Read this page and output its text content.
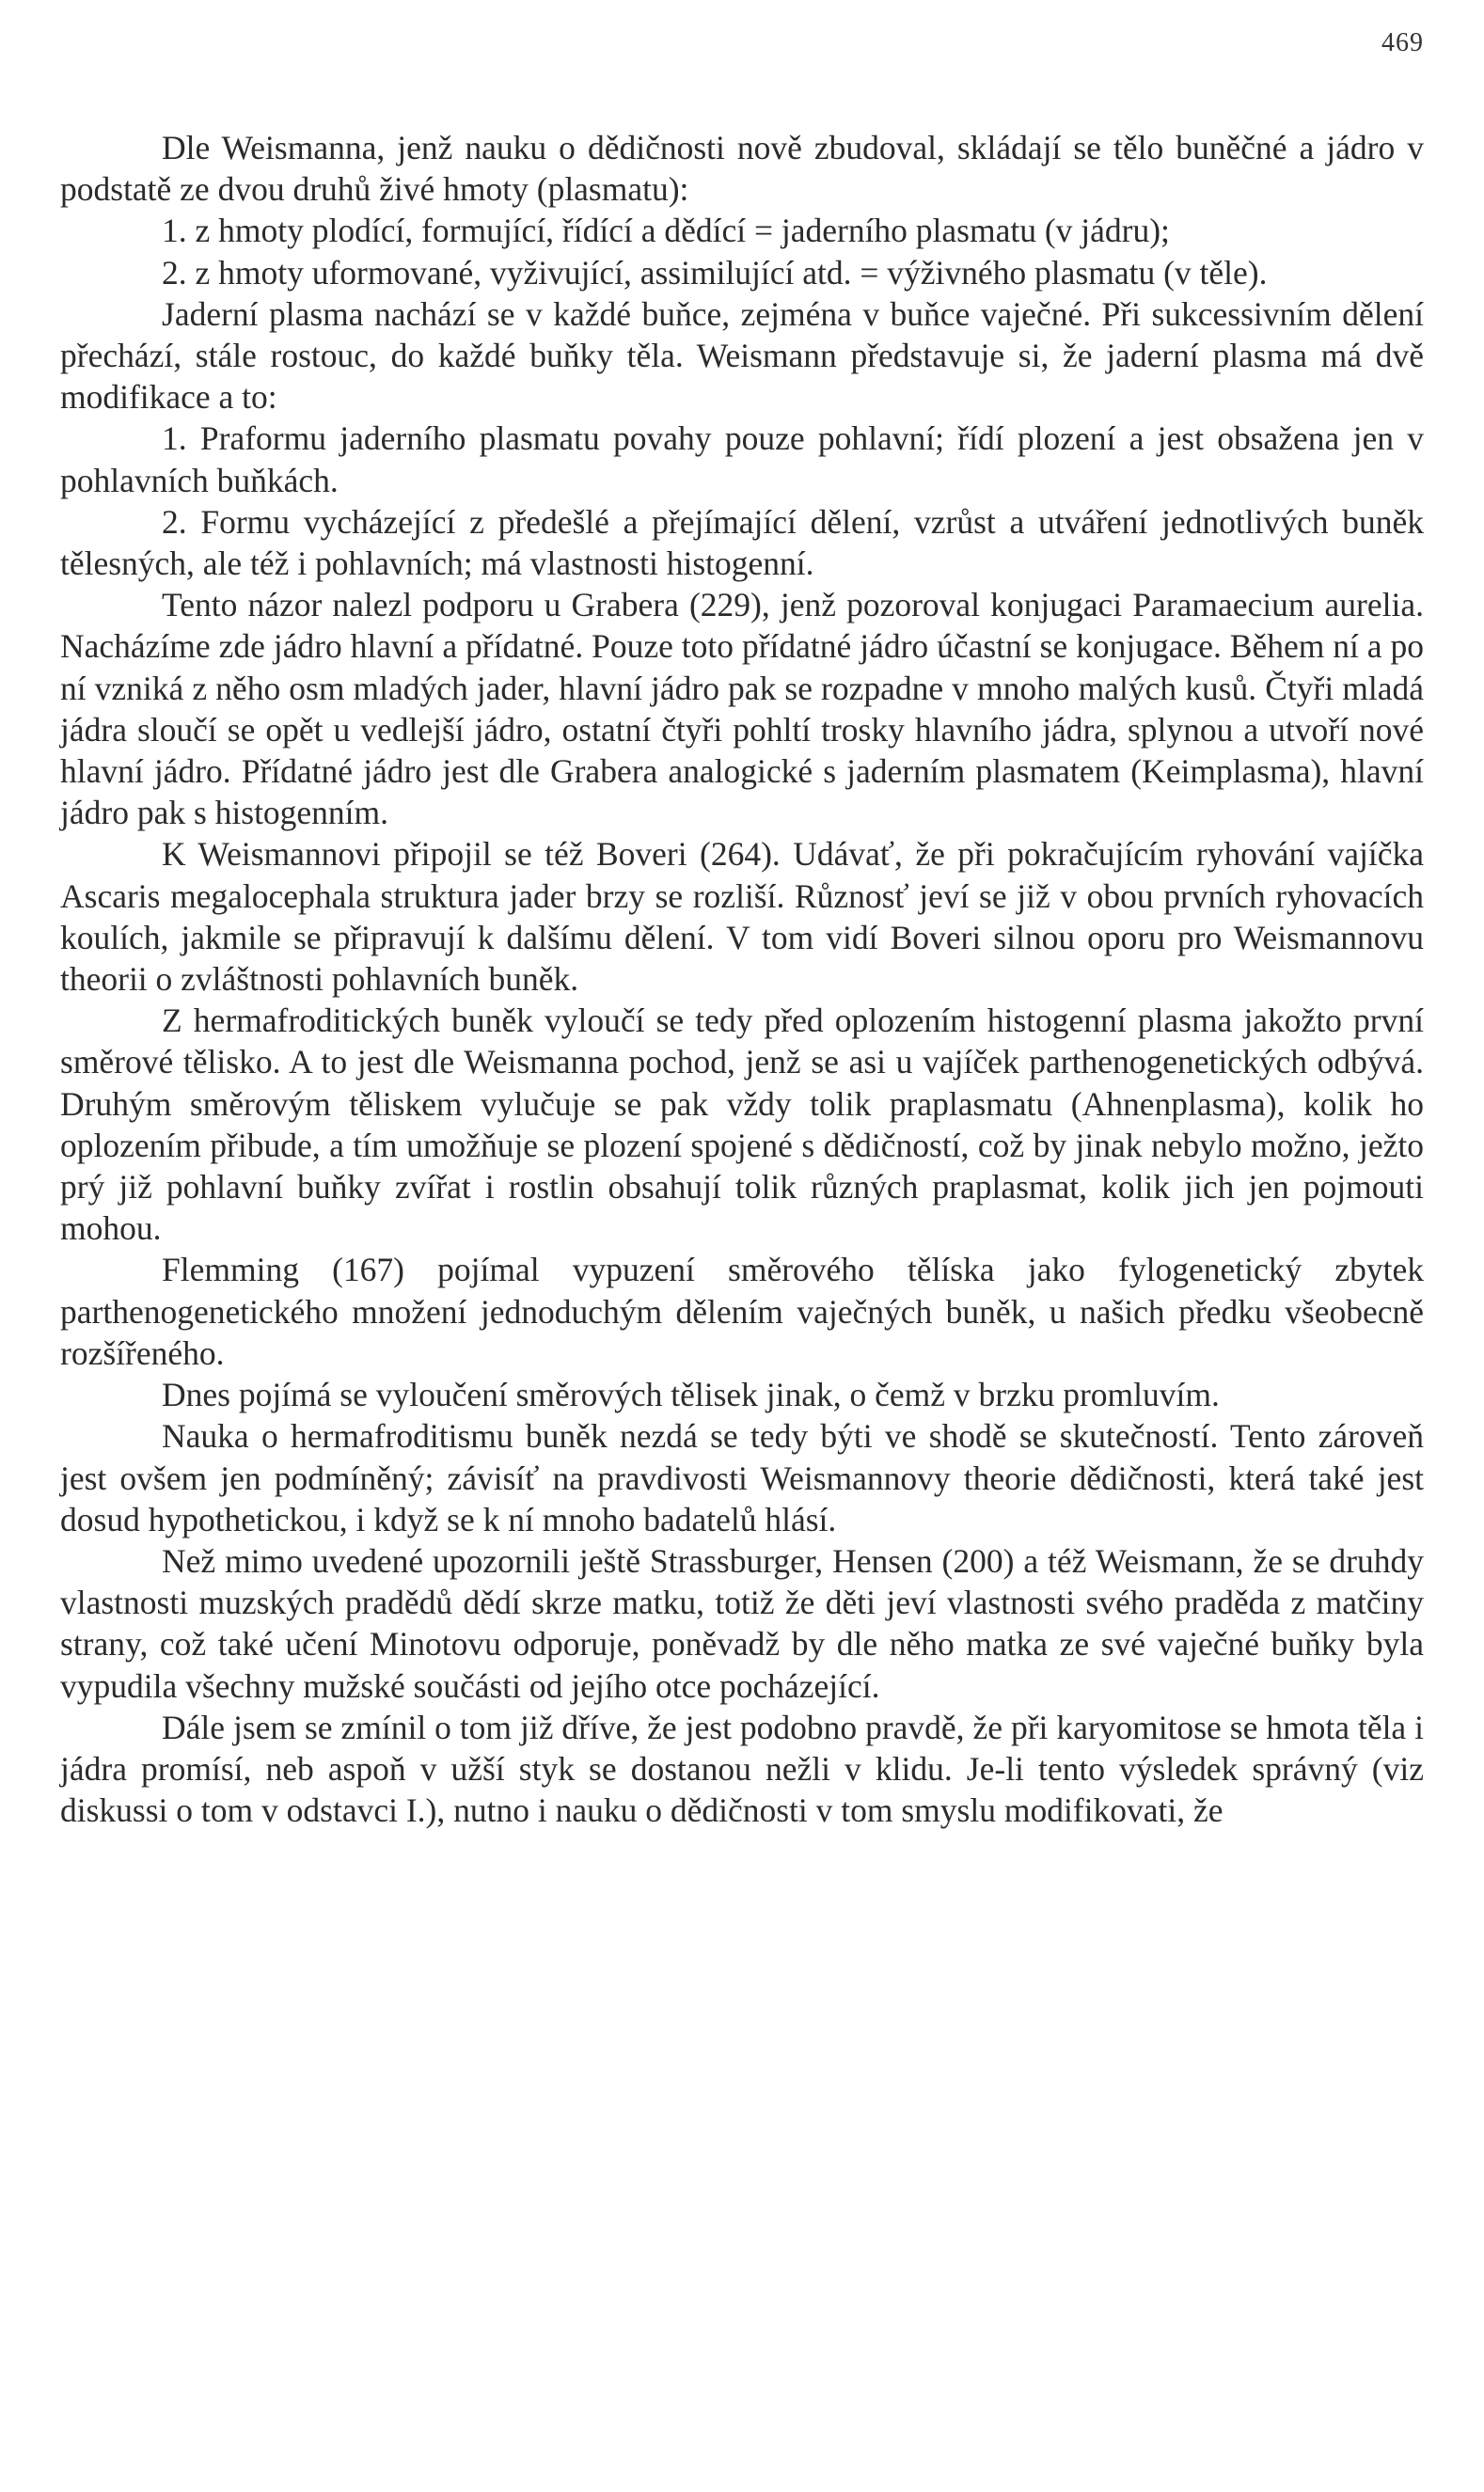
469

Dle Weismanna, jenž nauku o dědičnosti nově zbudoval, skládají se tělo buněčné a jádro v podstatě ze dvou druhů živé hmoty (plasmatu):

1. z hmoty plodící, formující, řídící a dědící = jaderního plasmatu (v jádru);

2. z hmoty uformované, vyživující, assimilující atd. = výživného plasmatu (v těle).

Jaderní plasma nachází se v každé buňce, zejména v buňce vaječné. Při sukcessivním dělení přechází, stále rostouc, do každé buňky těla. Weismann představuje si, že jaderní plasma má dvě modifikace a to:

1. Praformu jaderního plasmatu povahy pouze pohlavní; řídí plození a jest obsažena jen v pohlavních buňkách.

2. Formu vycházející z předešlé a přejímající dělení, vzrůst a utváření jednotlivých buněk tělesných, ale též i pohlavních; má vlastnosti histogenní.

Tento názor nalezl podporu u Grabera (229), jenž pozoroval konjugaci Paramaecium aurelia. Nacházíme zde jádro hlavní a přídatné. Pouze toto přídatné jádro účastní se konjugace. Během ní a po ní vzniká z něho osm mladých jader, hlavní jádro pak se rozpadne v mnoho malých kusů. Čtyři mladá jádra sloučí se opět u vedlejší jádro, ostatní čtyři pohltí trosky hlavního jádra, splynou a utvoří nové hlavní jádro. Přídatné jádro jest dle Grabera analogické s jaderním plasmatem (Keimplasma), hlavní jádro pak s histogenním.

K Weismannovi připojil se též Boveri (264). Udávať, že při pokračujícím ryhování vajíčka Ascaris megalocephala struktura jader brzy se rozliší. Různosť jeví se již v obou prvních ryhovacích koulích, jakmile se připravují k dalšímu dělení. V tom vidí Boveri silnou oporu pro Weismannovu theorii o zvláštnosti pohlavních buněk.

Z hermafroditických buněk vyloučí se tedy před oplozením histogenní plasma jakožto první směrové tělisko. A to jest dle Weismanna pochod, jenž se asi u vajíček parthenogenetických odbývá. Druhým směrovým těliskem vylučuje se pak vždy tolik praplasmatu (Ahnenplasma), kolik ho oplozením přibude, a tím umožňuje se plození spojené s dědičností, což by jinak nebylo možno, ježto prý již pohlavní buňky zvířat i rostlin obsahují tolik různých praplasmat, kolik jich jen pojmouti mohou.

Flemming (167) pojímal vypuzení směrového tělíska jako fylogenetický zbytek parthenogenetického množení jednoduchým dělením vaječných buněk, u našich předku všeobecně rozšířeného.

Dnes pojímá se vyloučení směrových tělisek jinak, o čemž v brzku promluvím.

Nauka o hermafroditismu buněk nezdá se tedy býti ve shodě se skutečností. Tento zároveň jest ovšem jen podmíněný; závisíť na pravdivosti Weismannovy theorie dědičnosti, která také jest dosud hypothetickou, i když se k ní mnoho badatelů hlásí.

Než mimo uvedené upozornili ještě Strassburger, Hensen (200) a též Weismann, že se druhdy vlastnosti muzských pradědů dědí skrze matku, totiž že děti jeví vlastnosti svého praděda z matčiny strany, což také učení Minotovu odporuje, poněvadž by dle něho matka ze své vaječné buňky byla vypudila všechny mužské součásti od jejího otce pocházející.

Dále jsem se zmínil o tom již dříve, že jest podobno pravdě, že při karyomitose se hmota těla i jádra promísí, neb aspoň v užší styk se dostanou nežli v klidu. Je-li tento výsledek správný (viz diskussi o tom v odstavci I.), nutno i nauku o dědičnosti v tom smyslu modifikovati, že
